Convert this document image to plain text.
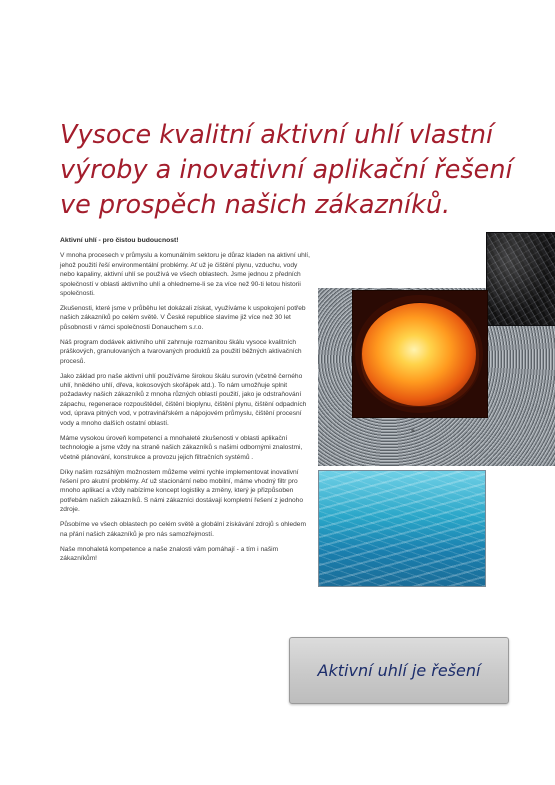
Vysoce kvalitní aktivní uhlí vlastní výroby a inovativní aplikační řešení ve prospěch našich zákazníků.
Aktivní uhlí - pro čistou budoucnost!

V mnoha procesech v průmyslu a komunálním sektoru je důraz kladen na aktivní uhlí, jehož použití řeší environmentální problémy. Ať už je čištění plynu, vzduchu, vody nebo kapaliny, aktivní uhlí se používá ve všech oblastech. Jsme jednou z předních společností v oblasti aktivního uhlí a ohledneme-li se za více než 90-ti letou historii společnosti.

Zkušenosti, které jsme v průběhu let dokázali získat, využíváme k uspokojení potřeb našich zákazníků po celém světě. V České republice slavíme již více než 30 let působnosti v rámci společnosti Donauchem s.r.o.

Náš program dodávek aktivního uhlí zahrnuje rozmanitou škálu vysoce kvalitních práškových, granulovaných a tvarovaných produktů za použití běžných aktivačních procesů.

Jako základ pro naše aktivní uhlí používáme širokou škálu surovin (včetně černého uhlí, hnědého uhlí, dřeva, kokosových skořápek atd.). To nám umožňuje splnit požadavky našich zákazníků z mnoha různých oblastí použití, jako je odstraňování zápachu, regenerace rozpouštědel, čištění bioplynu, čištění plynu, čištění odpadních vod, úprava pitných vod, v potravinářském a nápojovém průmyslu, čištění procesní vody a mnoho dalších ostatní oblastí.

Máme vysokou úroveň kompetencí a mnohaleté zkušenosti v oblasti aplikační technologie a jsme vždy na straně našich zákazníků s našimi odbornými znalostmi, včetně plánování, konstrukce a provozu jejich filtračních systémů .

Díky našim rozsáhlým možnostem můžeme velmi rychle implementovat inovativní řešení pro akutní problémy. Ať už stacionární nebo mobilní, máme vhodný filtr pro mnoho aplikací a vždy nabízíme koncept logistiky a změny, který je přizpůsoben potřebám našich zákazníků. S námi zákazníci dostávají kompletní řešení z jednoho zdroje.

Působíme ve všech oblastech po celém světě a globální získávání zdrojů s ohledem na přání našich zákazníků je pro nás samozřejmostí.

Naše mnohaletá kompetence a naše znalosti vám pomáhají - a tím i našim zákazníkům!

Aktivní uhlí je řešení
